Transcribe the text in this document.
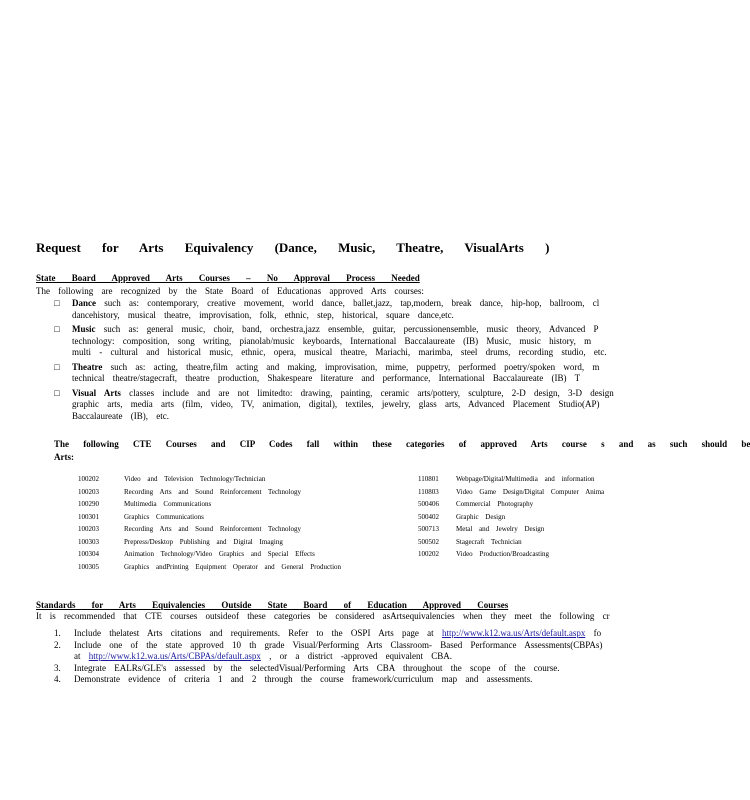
Request for Arts Equivalency (Dance, Music, Theatre, VisualArts )
State Board Approved Arts Courses – No Approval Process Needed
The following are recognized by the State Board of Educationas approved Arts courses:
□ Dance such as: contemporary, creative movement, world dance, ballet,jazz, tap,modern, break dance, hip-hop, ballroom, cl
dancehistory, musical theatre, improvisation, folk, ethnic, step, historical, square dance,etc.
□ Music such as: general music, choir, band, orchestra,jazz ensemble, guitar, percussionensemble, music theory, Advanced P
technology: composition, song writing, pianolab/music keyboards, International Baccalaureate (IB) Music, music history, m
multi - cultural and historical music, ethnic, opera, musical theatre, Mariachi, marimba, steel drums, recording studio, etc.
□ Theatre such as: acting, theatre,film acting and making, improvisation, mime, puppetry, performed poetry/spoken word, m
technical theatre/stagecraft, theatre production, Shakespeare literature and performance, International Baccalaureate (IB) T
□ Visual Arts classes include and are not limitedto: drawing, painting, ceramic arts/pottery, sculpture, 2-D design, 3-D design
graphic arts, media arts (film, video, TV, animation, digital), textiles, jewelry, glass arts, Advanced Placement Studio(AP)
Baccalaureate (IB), etc.
The following CTE Courses and CIP Codes fall within these categories of approved Arts course s and as such should be
Arts:
100202	Video and Television Technology/Technician
100203	Recording Arts and Sound Reinforcement Technology
100290	Multimedia Communications
100301	Graphics Communications
100203	Recording Arts and Sound Reinforcement Technology
100303	Prepress/Desktop Publishing and Digital Imaging
100304	Animation Technology/Video Graphics and Special Effects
100305	Graphics andPrinting Equipment Operator and General Production
110801	Webpage/Digital/Multimedia and information
110803	Video Game Design/Digital Computer Anima
500406	Commercial Photography
500402	Graphic Design
500713	Metal and Jewelry Design
500502	Stagecraft Technician
100202	Video Production/Broadcasting
Standards for Arts Equivalencies Outside State Board of Education Approved Courses
It is recommended that CTE courses outsideof these categories be considered asArtsequivalencies when they meet the following cr
1.	Include thelatest Arts citations and requirements. Refer to the OSPI Arts page at http://www.k12.wa.us/Arts/default.aspx fo
2.	Include one of the state approved 10 th grade Visual/Performing Arts Classroom- Based Performance Assessments(CBPAs)
at http://www.k12.wa.us/Arts/CBPAs/default.aspx , or a district -approved equivalent CBA.
3.	Integrate EALRs/GLE's assessed by the selectedVisual/Performing Arts CBA throughout the scope of the course.
4.	Demonstrate evidence of criteria 1 and 2 through the course framework/curriculum map and assessments.
